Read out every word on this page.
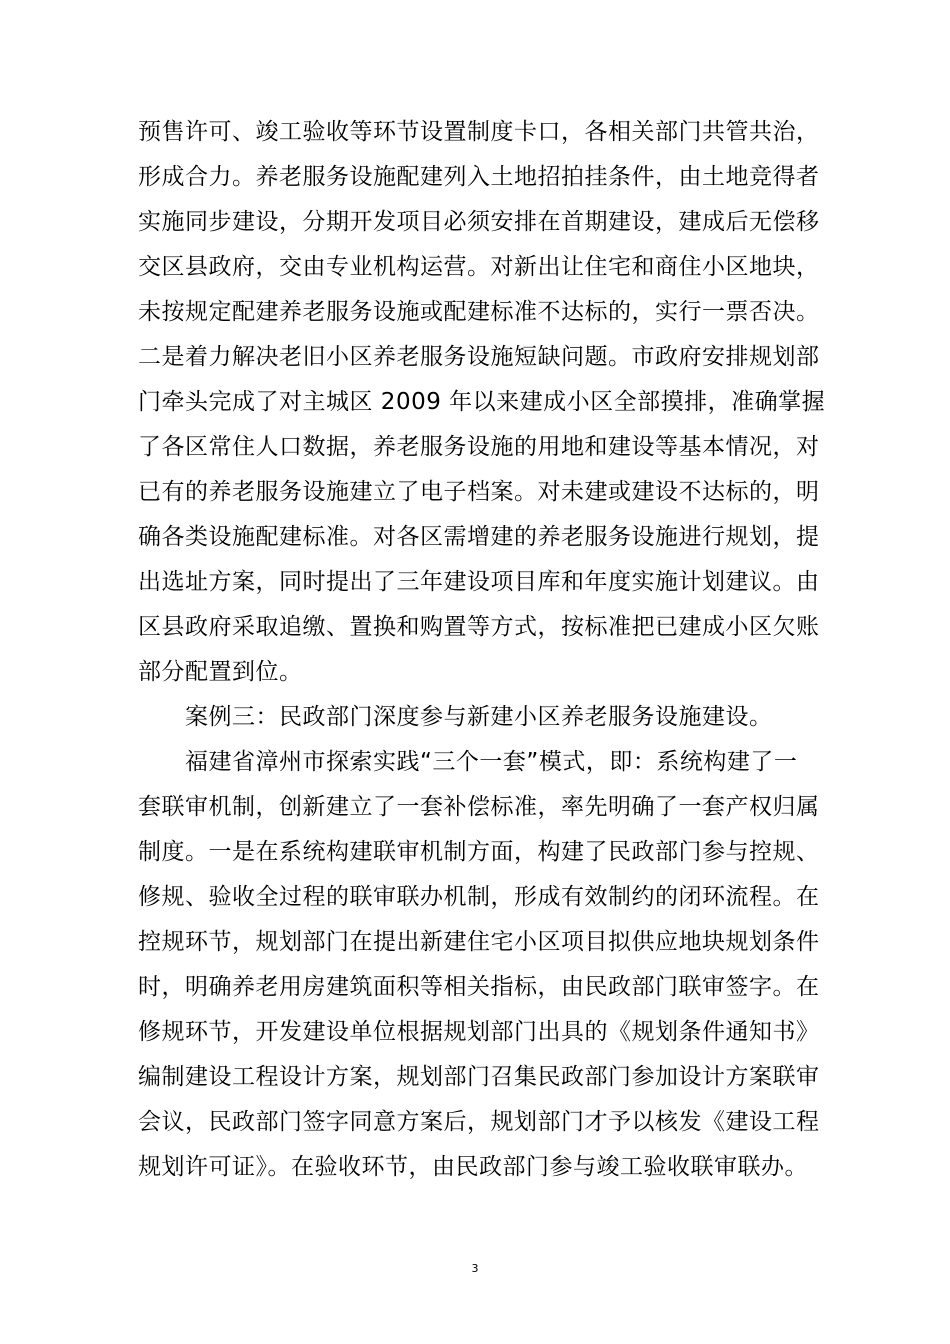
预售许可、竣工验收等环节设置制度卡口，各相关部门共管共治，
形成合力。养老服务设施配建列入土地招拍挂条件，由土地竞得者
实施同步建设，分期开发项目必须安排在首期建设，建成后无偿移
交区县政府，交由专业机构运营。对新出让住宅和商住小区地块，
未按规定配建养老服务设施或配建标准不达标的，实行一票否决。
二是着力解决老旧小区养老服务设施短缺问题。市政府安排规划部
门牵头完成了对主城区 2009 年以来建成小区全部摸排，准确掌握
了各区常住人口数据，养老服务设施的用地和建设等基本情况，对
已有的养老服务设施建立了电子档案。对未建或建设不达标的，明
确各类设施配建标准。对各区需增建的养老服务设施进行规划，提
出选址方案，同时提出了三年建设项目库和年度实施计划建议。由
区县政府采取追缴、置换和购置等方式，按标准把已建成小区欠账
部分配置到位。
　　案例三：民政部门深度参与新建小区养老服务设施建设。
　　福建省漳州市探索实践“三个一套”模式，即：系统构建了一
套联审机制，创新建立了一套补偿标准，率先明确了一套产权归属
制度。一是在系统构建联审机制方面，构建了民政部门参与控规、
修规、验收全过程的联审联办机制，形成有效制约的闭环流程。在
控规环节，规划部门在提出新建住宅小区项目拟供应地块规划条件
时，明确养老用房建筑面积等相关指标，由民政部门联审签字。在
修规环节，开发建设单位根据规划部门出具的《规划条件通知书》
编制建设工程设计方案，规划部门召集民政部门参加设计方案联审
会议，民政部门签字同意方案后，规划部门才予以核发《建设工程
规划许可证》。在验收环节，由民政部门参与竣工验收联审联办。
3
